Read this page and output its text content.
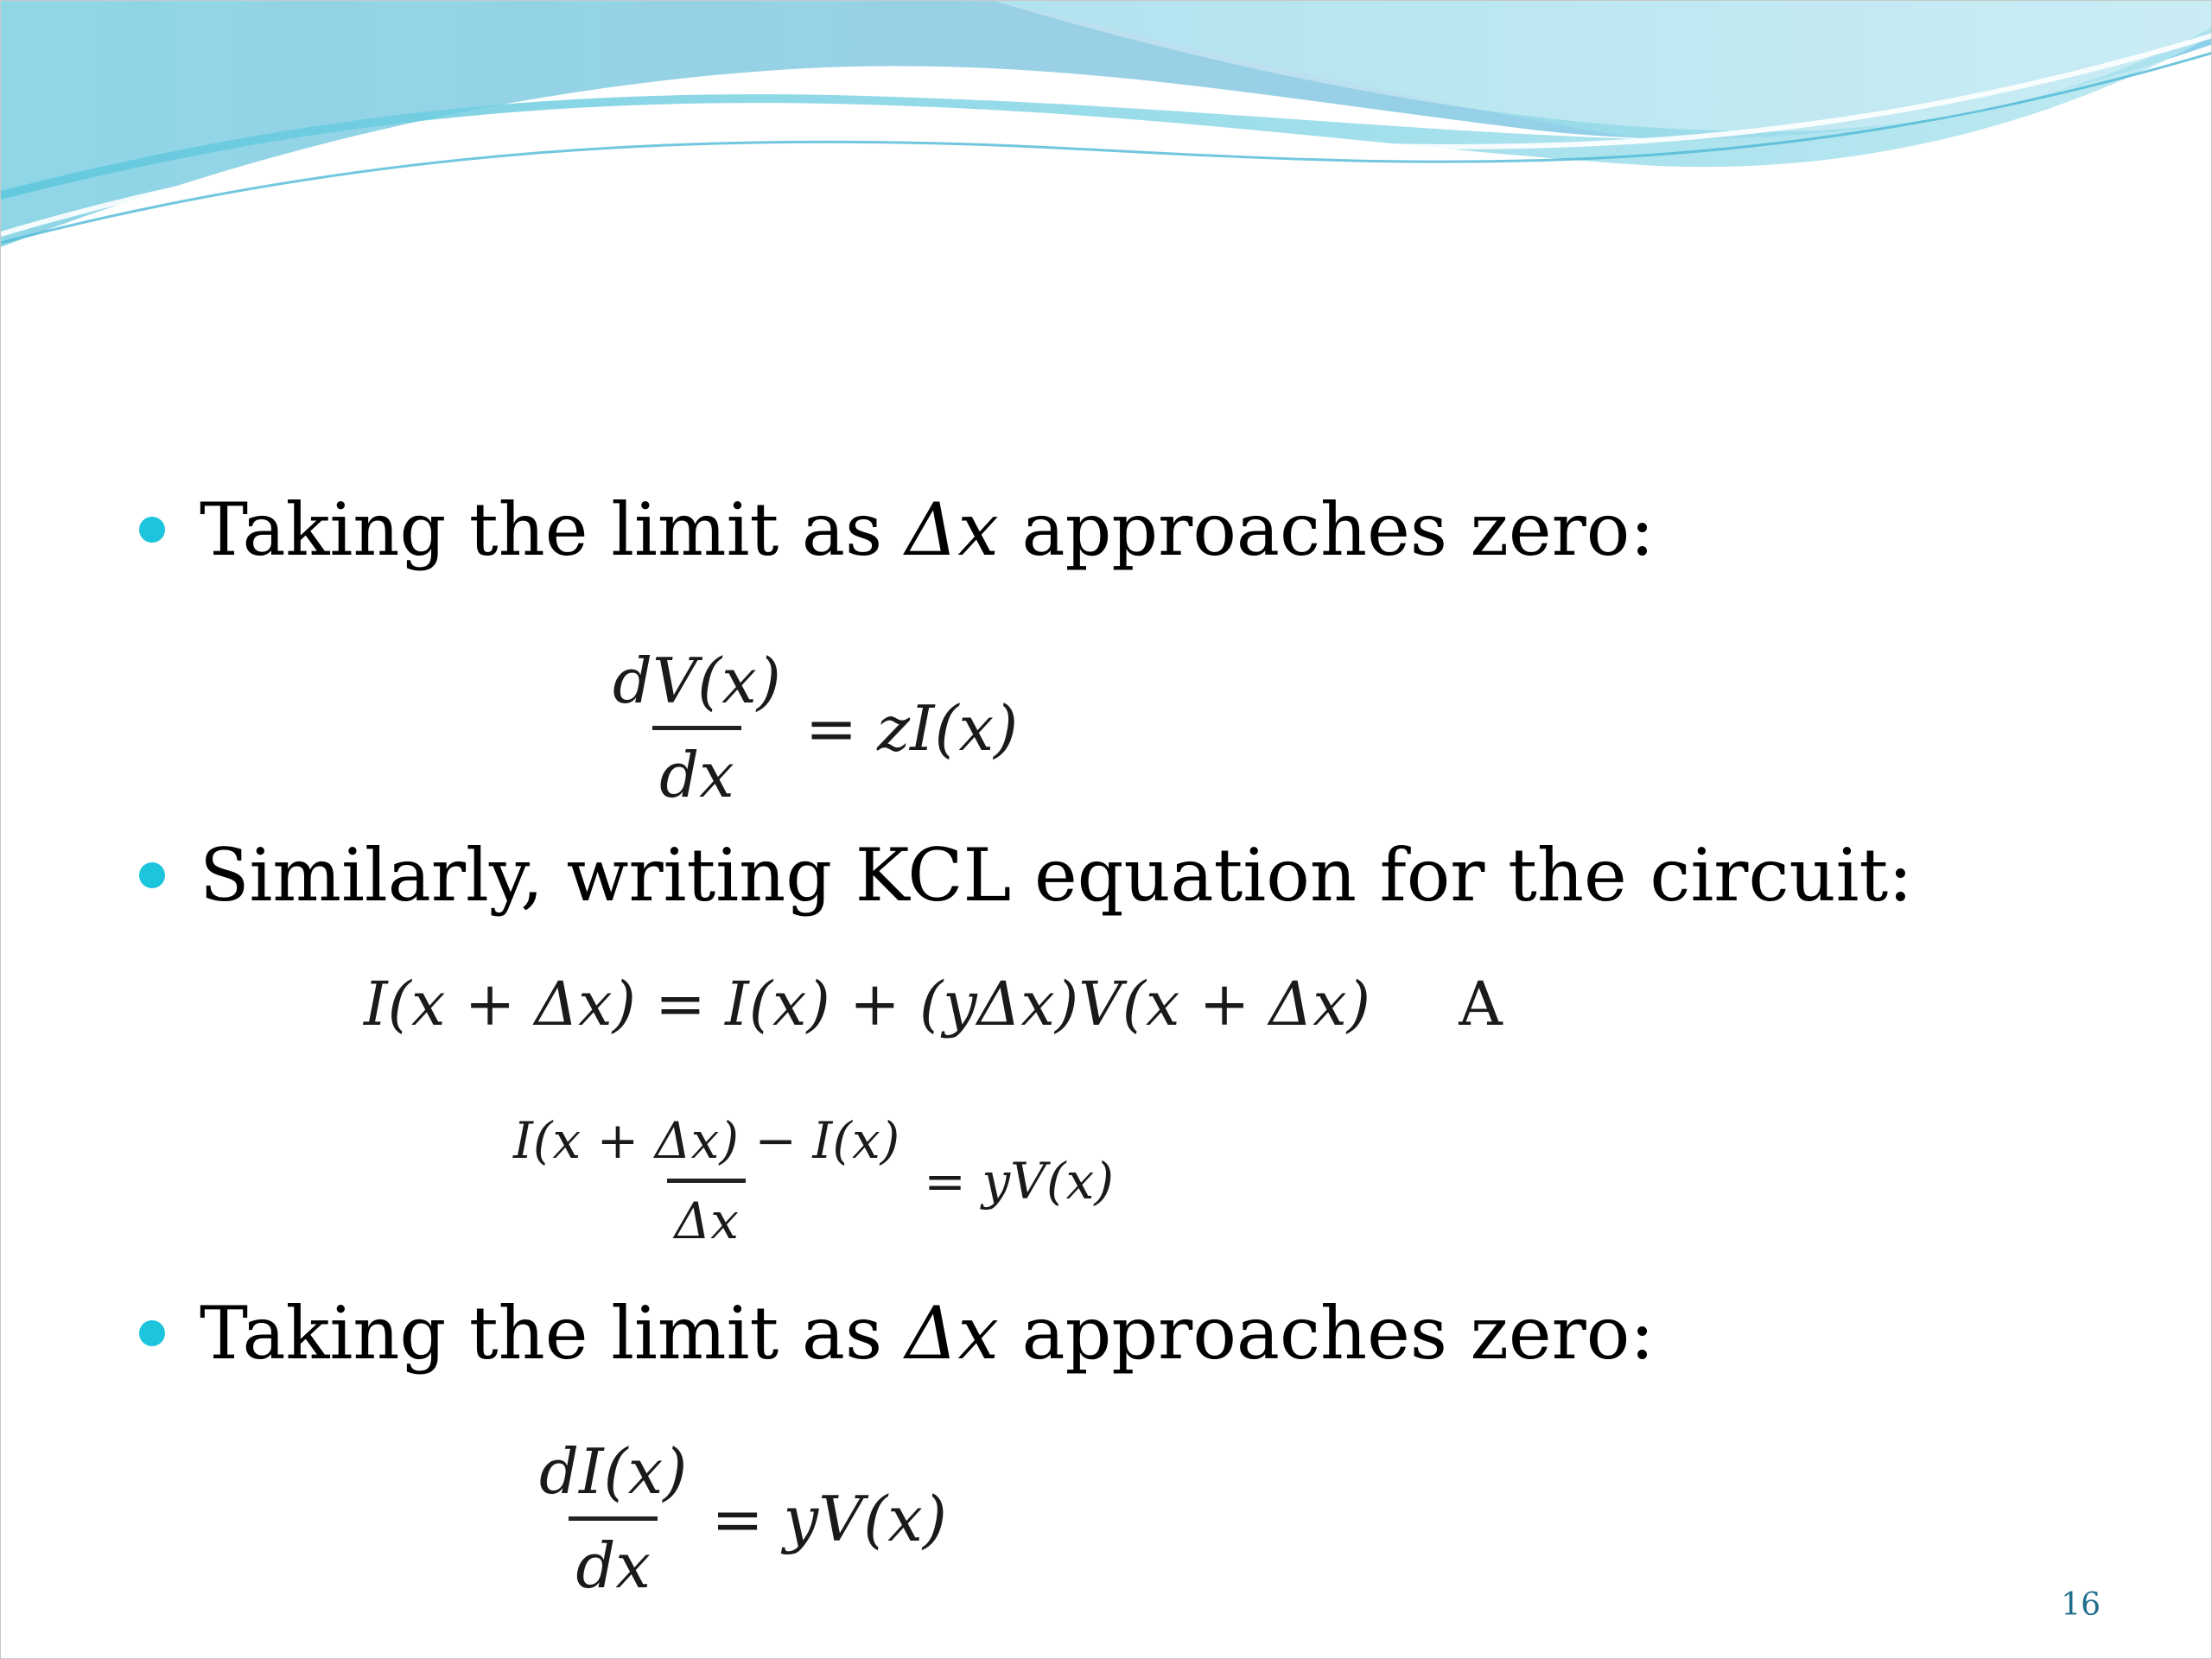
Taking the limit as Δx approaches zero:
$\frac{dV(x)}{dx} = zI(x)$
Similarly, writing KCL equation for the circuit:
I(x + Δx) = I(x) + (yΔx)V(x + Δx) A
$\frac{I(x + \Delta x) - I(x)}{\Delta x} = yV(x)$
Taking the limit as Δx approaches zero:
$\frac{dI(x)}{dx} = yV(x)$
16
